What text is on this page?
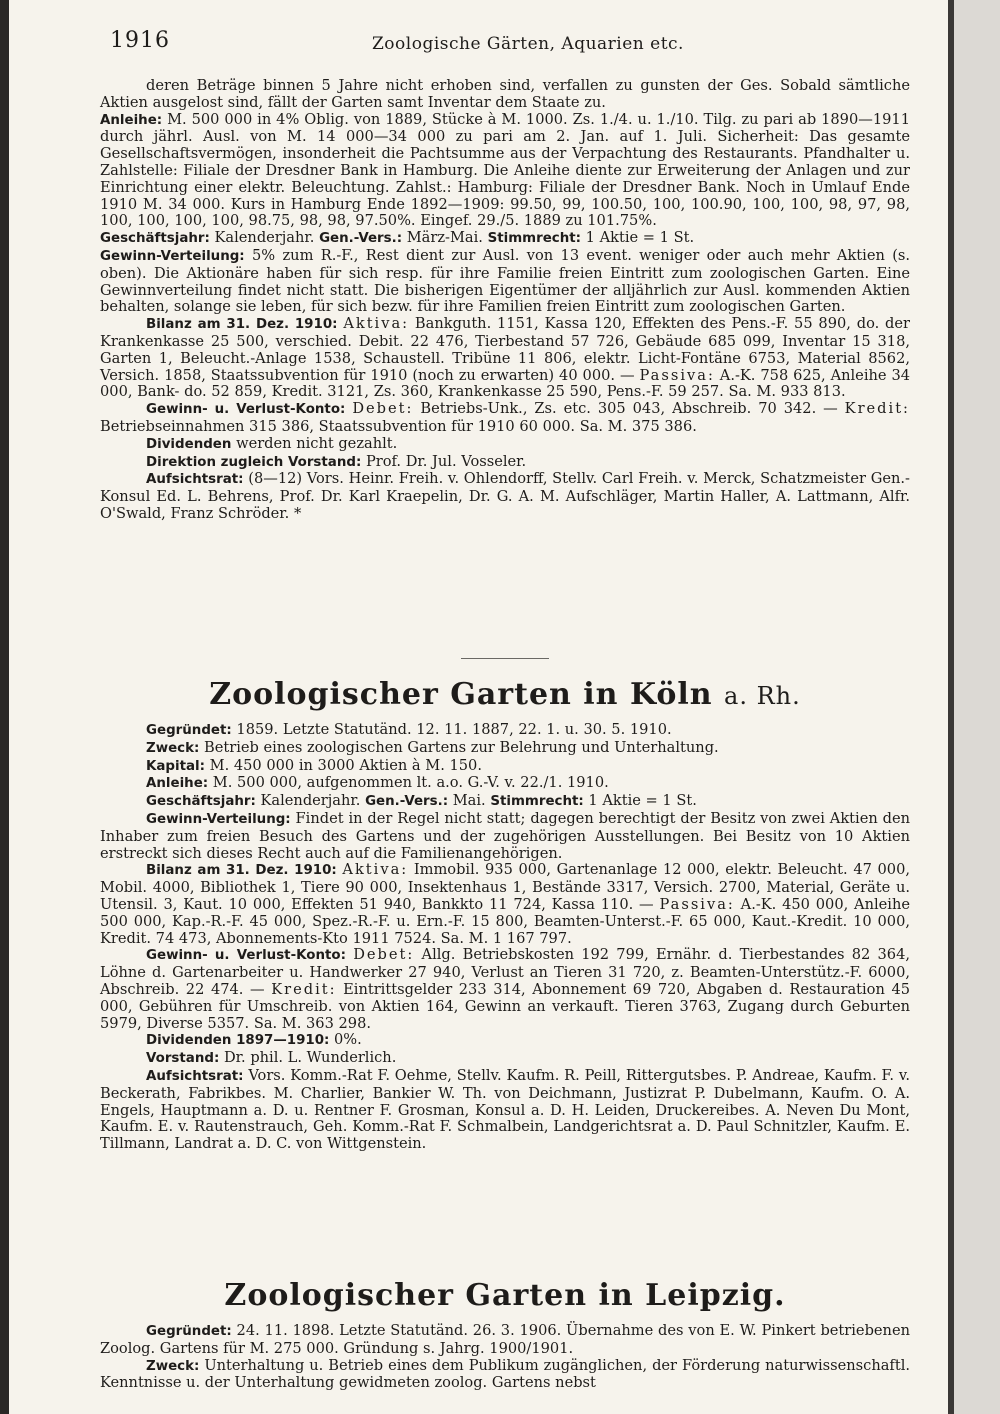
1916	Zoologische Gärten, Aquarien etc.

deren Beträge binnen 5 Jahre nicht erhoben sind, verfallen zu gunsten der Ges. Sobald sämtliche Aktien ausgelost sind, fällt der Garten samt Inventar dem Staate zu.

Anleihe: M. 500 000 in 4% Oblig. von 1889, Stücke à M. 1000. Zs. 1./4. u. 1./10. Tilg. zu pari ab 1890—1911 durch jährl. Ausl. von M. 14 000—34 000 zu pari am 2. Jan. auf 1. Juli. Sicherheit: Das gesamte Gesellschaftsvermögen, insonderheit die Pachtsumme aus der Verpachtung des Restaurants. Pfandhalter u. Zahlstelle: Filiale der Dresdner Bank in Hamburg. Die Anleihe diente zur Erweiterung der Anlagen und zur Einrichtung einer elektr. Beleuchtung. Zahlst.: Hamburg: Filiale der Dresdner Bank. Noch in Umlauf Ende 1910 M. 34 000. Kurs in Hamburg Ende 1892—1909: 99.50, 99, 100.50, 100, 100.90, 100, 100, 98, 97, 98, 100, 100, 100, 100, 98.75, 98, 98, 97.50%. Eingef. 29./5. 1889 zu 101.75%.

Geschäftsjahr: Kalenderjahr. Gen.-Vers.: März-Mai. Stimmrecht: 1 Aktie = 1 St.

Gewinn-Verteilung: 5% zum R.-F., Rest dient zur Ausl. von 13 event. weniger oder auch mehr Aktien (s. oben). Die Aktionäre haben für sich resp. für ihre Familie freien Eintritt zum zoologischen Garten. Eine Gewinnverteilung findet nicht statt. Die bisherigen Eigentümer der alljährlich zur Ausl. kommenden Aktien behalten, solange sie leben, für sich bezw. für ihre Familien freien Eintritt zum zoologischen Garten.

Bilanz am 31. Dez. 1910: Aktiva: Bankguth. 1151, Kassa 120, Effekten des Pens.-F. 55 890, do. der Krankenkasse 25 500, verschied. Debit. 22 476, Tierbestand 57 726, Gebäude 685 099, Inventar 15 318, Garten 1, Beleucht.-Anlage 1538, Schaustell. Tribüne 11 806, elektr. Licht-Fontäne 6753, Material 8562, Versich. 1858, Staatssubvention für 1910 (noch zu erwarten) 40 000. — Passiva: A.-K. 758 625, Anleihe 34 000, Bank- do. 52 859, Kredit. 3121, Zs. 360, Krankenkasse 25 590, Pens.-F. 59 257. Sa. M. 933 813.

Gewinn- u. Verlust-Konto: Debet: Betriebs-Unk., Zs. etc. 305 043, Abschreib. 70 342. — Kredit: Betriebseinnahmen 315 386, Staatssubvention für 1910 60 000. Sa. M. 375 386.

Dividenden werden nicht gezahlt.

Direktion zugleich Vorstand: Prof. Dr. Jul. Vosseler.

Aufsichtsrat: (8—12) Vors. Heinr. Freih. v. Ohlendorff, Stellv. Carl Freih. v. Merck, Schatzmeister Gen.-Konsul Ed. L. Behrens, Prof. Dr. Karl Kraepelin, Dr. G. A. M. Aufschläger, Martin Haller, A. Lattmann, Alfr. O'Swald, Franz Schröder. *

Zoologischer Garten in Köln a. Rh.

Gegründet: 1859. Letzte Statutänd. 12. 11. 1887, 22. 1. u. 30. 5. 1910.

Zweck: Betrieb eines zoologischen Gartens zur Belehrung und Unterhaltung.

Kapital: M. 450 000 in 3000 Aktien à M. 150.

Anleihe: M. 500 000, aufgenommen lt. a.o. G.-V. v. 22./1. 1910.

Geschäftsjahr: Kalenderjahr. Gen.-Vers.: Mai. Stimmrecht: 1 Aktie = 1 St.

Gewinn-Verteilung: Findet in der Regel nicht statt; dagegen berechtigt der Besitz von zwei Aktien den Inhaber zum freien Besuch des Gartens und der zugehörigen Ausstellungen. Bei Besitz von 10 Aktien erstreckt sich dieses Recht auch auf die Familienangehörigen.

Bilanz am 31. Dez. 1910: Aktiva: Immobil. 935 000, Gartenanlage 12 000, elektr. Beleucht. 47 000, Mobil. 4000, Bibliothek 1, Tiere 90 000, Insektenhaus 1, Bestände 3317, Versich. 2700, Material, Geräte u. Utensil. 3, Kaut. 10 000, Effekten 51 940, Bankkto 11 724, Kassa 110. — Passiva: A.-K. 450 000, Anleihe 500 000, Kap.-R.-F. 45 000, Spez.-R.-F. u. Ern.-F. 15 800, Beamten-Unterst.-F. 65 000, Kaut.-Kredit. 10 000, Kredit. 74 473, Abonnements-Kto 1911 7524. Sa. M. 1 167 797.

Gewinn- u. Verlust-Konto: Debet: Allg. Betriebskosten 192 799, Ernähr. d. Tierbestandes 82 364, Löhne d. Gartenarbeiter u. Handwerker 27 940, Verlust an Tieren 31 720, z. Beamten-Unterstütz.-F. 6000, Abschreib. 22 474. — Kredit: Eintrittsgelder 233 314, Abonnement 69 720, Abgaben d. Restauration 45 000, Gebühren für Umschreib. von Aktien 164, Gewinn an verkauft. Tieren 3763, Zugang durch Geburten 5979, Diverse 5357. Sa. M. 363 298.

Dividenden 1897—1910: 0%.

Vorstand: Dr. phil. L. Wunderlich.

Aufsichtsrat: Vors. Komm.-Rat F. Oehme, Stellv. Kaufm. R. Peill, Rittergutsbes. P. Andreae, Kaufm. F. v. Beckerath, Fabrikbes. M. Charlier, Bankier W. Th. von Deichmann, Justizrat P. Dubelmann, Kaufm. O. A. Engels, Hauptmann a. D. u. Rentner F. Grosman, Konsul a. D. H. Leiden, Druckereibes. A. Neven Du Mont, Kaufm. E. v. Rautenstrauch, Geh. Komm.-Rat F. Schmalbein, Landgerichtsrat a. D. Paul Schnitzler, Kaufm. E. Tillmann, Landrat a. D. C. von Wittgenstein.

Zoologischer Garten in Leipzig.

Gegründet: 24. 11. 1898. Letzte Statutänd. 26. 3. 1906. Übernahme des von E. W. Pinkert betriebenen Zoolog. Gartens für M. 275 000. Gründung s. Jahrg. 1900/1901.

Zweck: Unterhaltung u. Betrieb eines dem Publikum zugänglichen, der Förderung naturwissenschaftl. Kenntnisse u. der Unterhaltung gewidmeten zoolog. Gartens nebst
